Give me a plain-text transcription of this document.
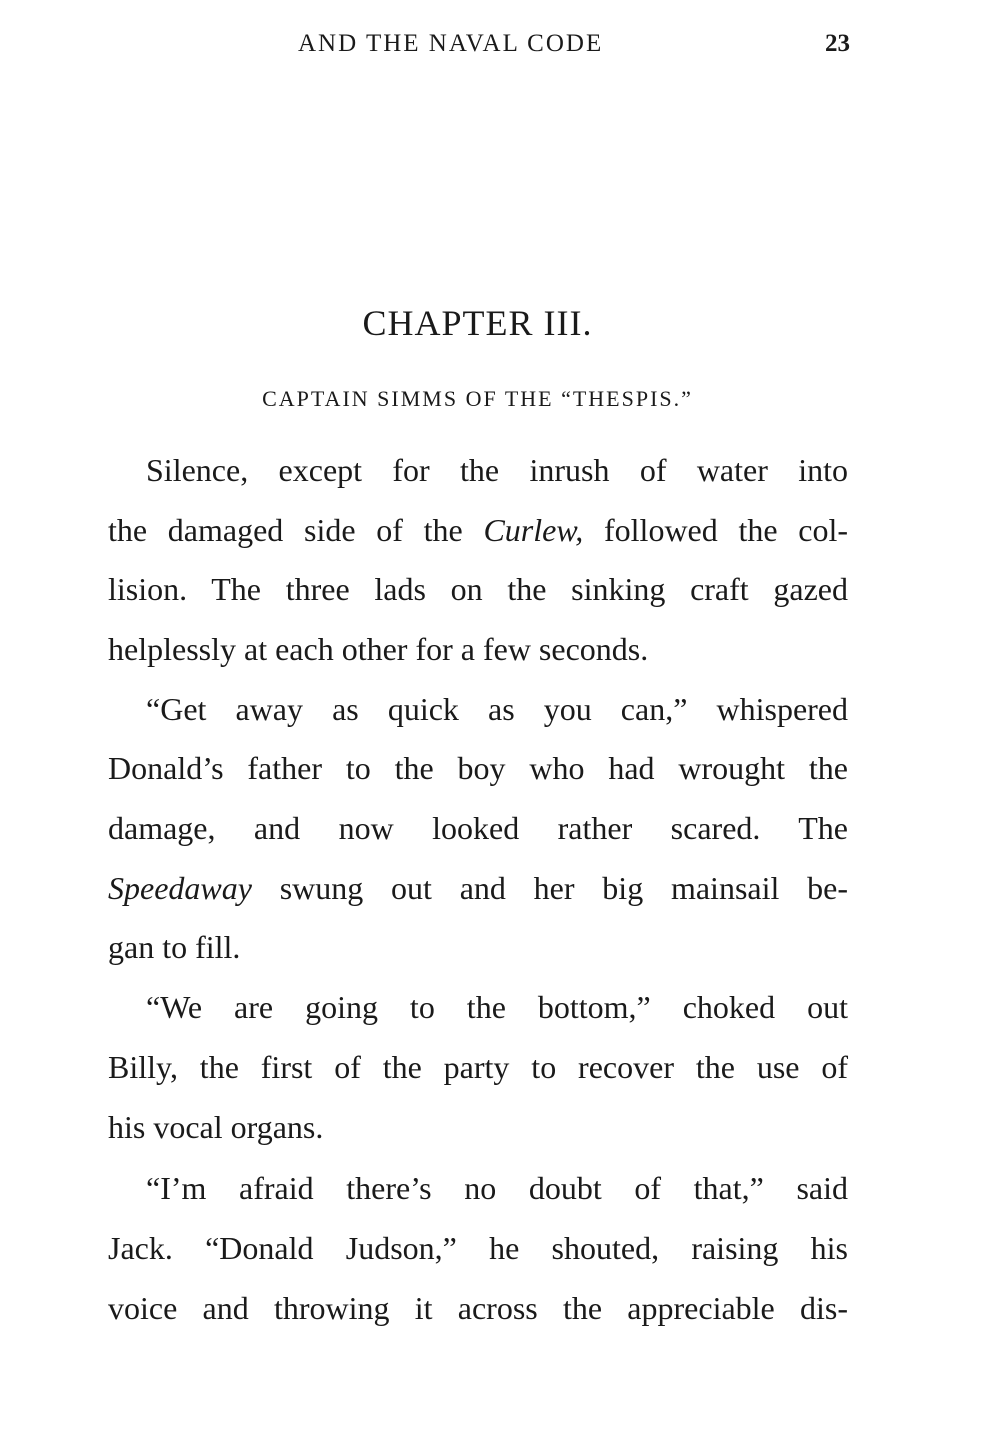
AND THE NAVAL CODE	23
CHAPTER III.
CAPTAIN SIMMS OF THE “THESPIS.”
Silence, except for the inrush of water into
the damaged side of the Curlew, followed the col-
lision. The three lads on the sinking craft gazed
helplessly at each other for a few seconds.
“Get away as quick as you can,” whispered
Donald’s father to the boy who had wrought the
damage, and now looked rather scared. The
Speedaway swung out and her big mainsail be-
gan to fill.
“We are going to the bottom,” choked out
Billy, the first of the party to recover the use of
his vocal organs.
“I’m afraid there’s no doubt of that,” said
Jack. “Donald Judson,” he shouted, raising his
voice and throwing it across the appreciable dis-
